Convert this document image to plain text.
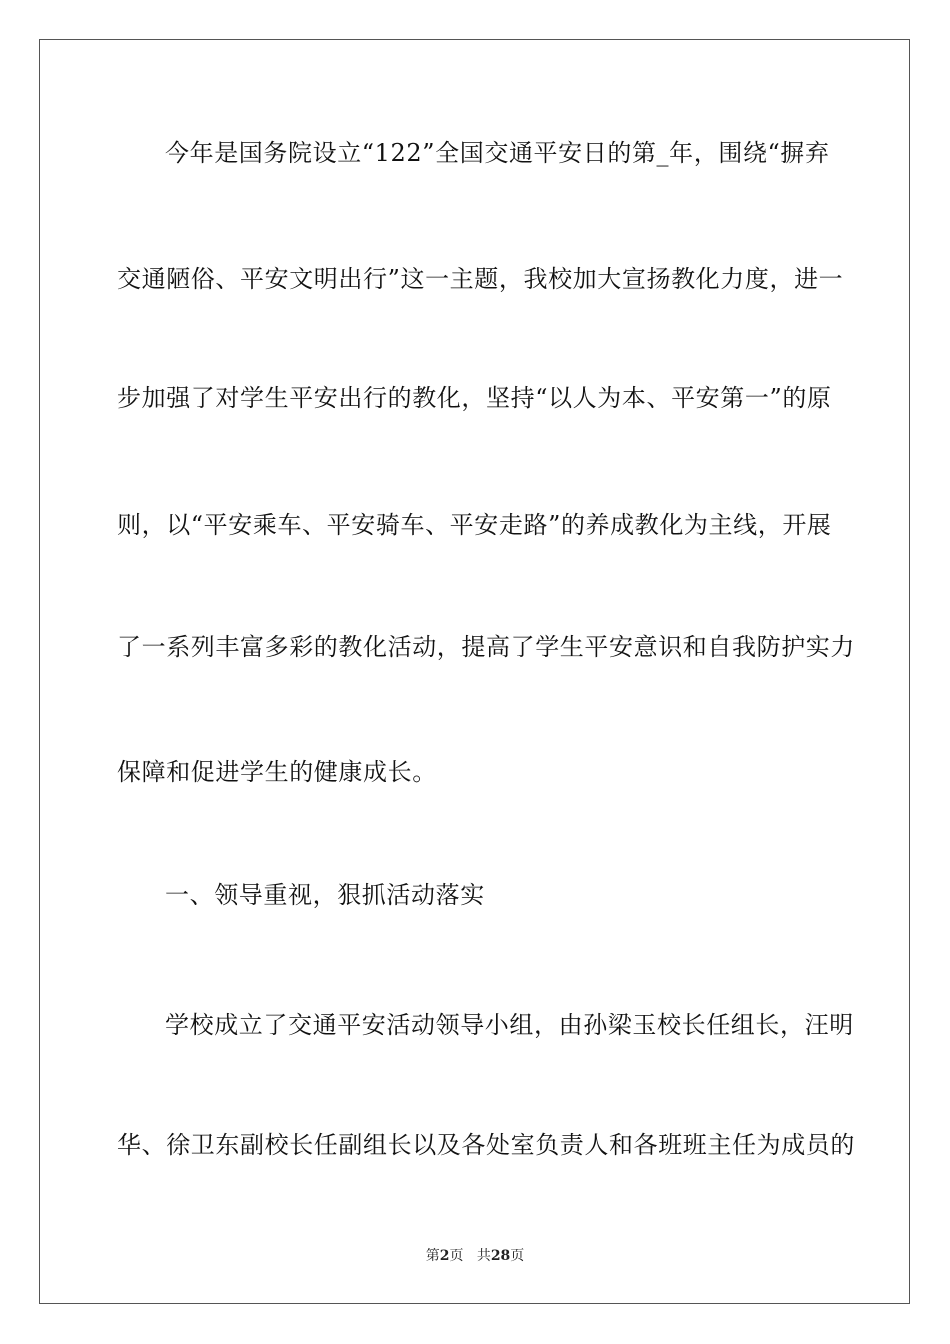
今年是国务院设立“122”全国交通平安日的第_年，围绕“摒弃
交通陋俗、平安文明出行”这一主题，我校加大宣扬教化力度，进一
步加强了对学生平安出行的教化，坚持“以人为本、平安第一”的原
则，以“平安乘车、平安骑车、平安走路”的养成教化为主线，开展
了一系列丰富多彩的教化活动，提高了学生平安意识和自我防护实力
保障和促进学生的健康成长。
一、领导重视，狠抓活动落实
学校成立了交通平安活动领导小组，由孙梁玉校长任组长，汪明
华、徐卫东副校长任副组长以及各处室负责人和各班班主任为成员的
第2页 共28页
